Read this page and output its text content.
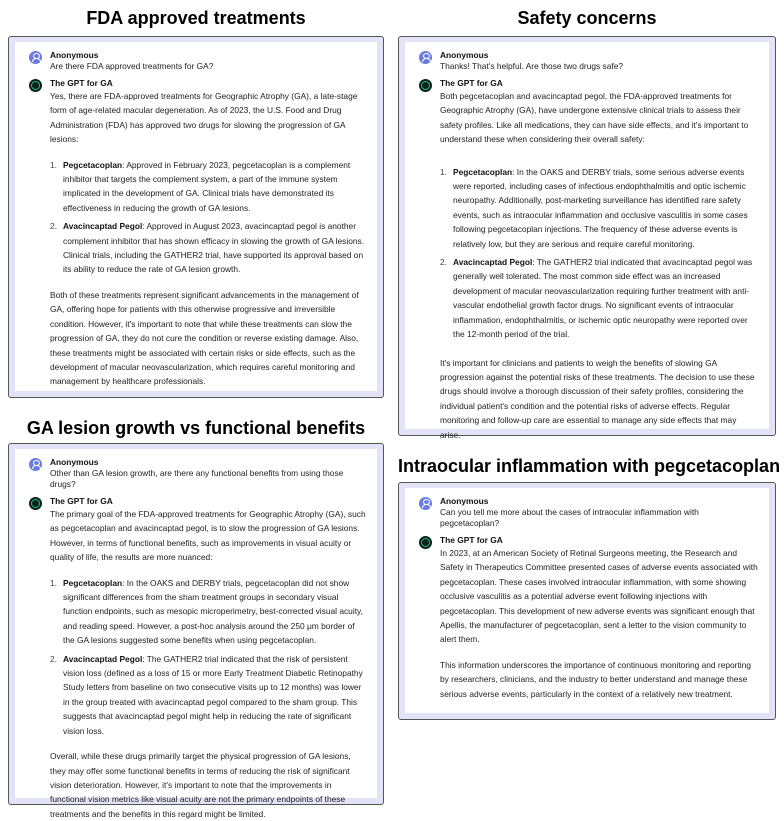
FDA approved treatments
Anonymous
Are there FDA approved treatments for GA?
The GPT for GA
Yes, there are FDA-approved treatments for Geographic Atrophy (GA), a late-stage form of age-related macular degeneration. As of 2023, the U.S. Food and Drug Administration (FDA) has approved two drugs for slowing the progression of GA lesions:
1. Pegcetacoplan: Approved in February 2023, pegcetacoplan is a complement inhibitor that targets the complement system, a part of the immune system implicated in the development of GA. Clinical trials have demonstrated its effectiveness in reducing the growth of GA lesions.
2. Avacincaptad Pegol: Approved in August 2023, avacincaptad pegol is another complement inhibitor that has shown efficacy in slowing the growth of GA lesions. Clinical trials, including the GATHER2 trial, have supported its approval based on its ability to reduce the rate of GA lesion growth.
Both of these treatments represent significant advancements in the management of GA, offering hope for patients with this otherwise progressive and irreversible condition. However, it's important to note that while these treatments can slow the progression of GA, they do not cure the condition or reverse existing damage. Also, these treatments might be associated with certain risks or side effects, such as the development of macular neovascularization, which requires careful monitoring and management by healthcare professionals.
Safety concerns
Anonymous
Thanks! That's helpful. Are those two drugs safe?
The GPT for GA
Both pegcetacoplan and avacincaptad pegol, the FDA-approved treatments for Geographic Atrophy (GA), have undergone extensive clinical trials to assess their safety profiles. Like all medications, they can have side effects, and it's important to understand these when considering their overall safety:
1. Pegcetacoplan: In the OAKS and DERBY trials, some serious adverse events were reported, including cases of infectious endophthalmitis and optic ischemic neuropathy. Additionally, post-marketing surveillance has identified rare safety events, such as intraocular inflammation and occlusive vasculitis in some cases following pegcetacoplan injections. The frequency of these adverse events is relatively low, but they are serious and require careful monitoring.
2. Avacincaptad Pegol: The GATHER2 trial indicated that avacincaptad pegol was generally well tolerated. The most common side effect was an increased development of macular neovascularization requiring further treatment with anti-vascular endothelial growth factor drugs. No significant events of intraocular inflammation, endophthalmitis, or ischemic optic neuropathy were reported over the 12-month period of the trial.
It's important for clinicians and patients to weigh the benefits of slowing GA progression against the potential risks of these treatments. The decision to use these drugs should involve a thorough discussion of their safety profiles, considering the individual patient's condition and the potential risks of adverse effects. Regular monitoring and follow-up care are essential to manage any side effects that may arise.
GA lesion growth vs functional benefits
Anonymous
Other than GA lesion growth, are there any functional benefits from using those drugs?
The GPT for GA
The primary goal of the FDA-approved treatments for Geographic Atrophy (GA), such as pegcetacoplan and avacincaptad pegol, is to slow the progression of GA lesions. However, in terms of functional benefits, such as improvements in visual acuity or quality of life, the results are more nuanced:
1. Pegcetacoplan: In the OAKS and DERBY trials, pegcetacoplan did not show significant differences from the sham treatment groups in secondary visual function endpoints, such as mesopic microperimetry, best-corrected visual acuity, and reading speed. However, a post-hoc analysis around the 250 μm border of the GA lesions suggested some benefits when using pegcetacoplan.
2. Avacincaptad Pegol: The GATHER2 trial indicated that the risk of persistent vision loss (defined as a loss of 15 or more Early Treatment Diabetic Retinopathy Study letters from baseline on two consecutive visits up to 12 months) was lower in the group treated with avacincaptad pegol compared to the sham group. This suggests that avacincaptad pegol might help in reducing the rate of significant vision loss.
Overall, while these drugs primarily target the physical progression of GA lesions, they may offer some functional benefits in terms of reducing the risk of significant vision deterioration. However, it's important to note that the improvements in functional vision metrics like visual acuity are not the primary endpoints of these treatments and the benefits in this regard might be limited.
Intraocular inflammation with pegcetacoplan
Anonymous
Can you tell me more about the cases of intraocular inflammation with pegcetacoplan?
The GPT for GA
In 2023, at an American Society of Retinal Surgeons meeting, the Research and Safety in Therapeutics Committee presented cases of adverse events associated with pegcetacoplan. These cases involved intraocular inflammation, with some showing occlusive vasculitis as a potential adverse event following injections with pegcetacoplan. This development of new adverse events was significant enough that Apellis, the manufacturer of pegcetacoplan, sent a letter to the vision community to alert them.
This information underscores the importance of continuous monitoring and reporting by researchers, clinicians, and the industry to better understand and manage these serious adverse events, particularly in the context of a relatively new treatment.
